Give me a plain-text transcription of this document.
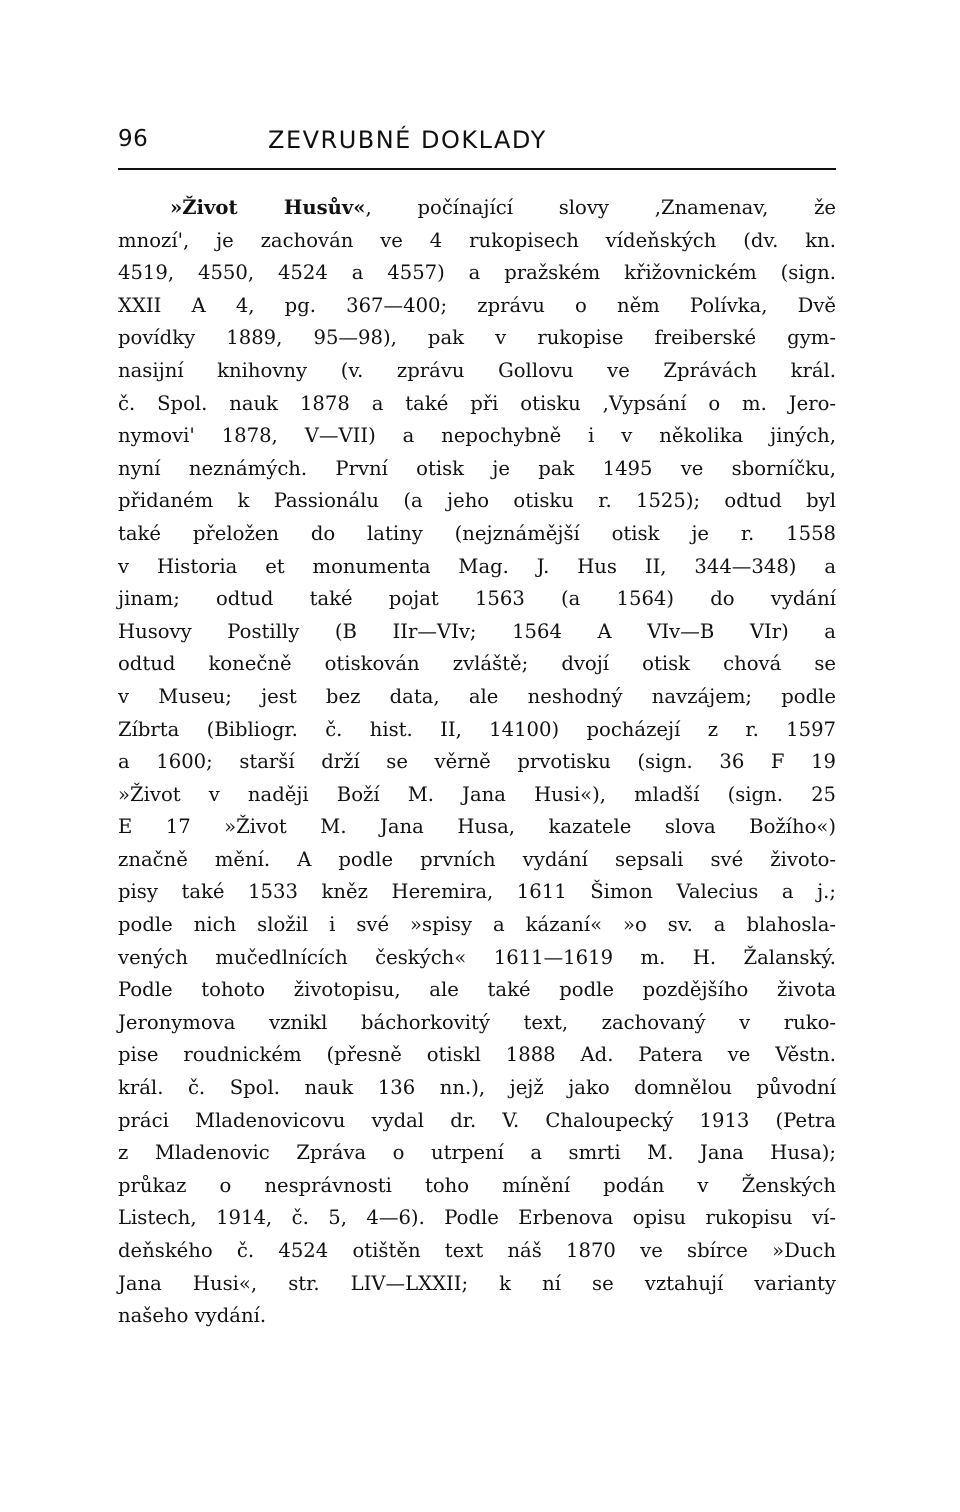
96	ZEVRUBNÉ DOKLADY
»Život Husův«, počínající slovy ,Znamenav, že
mnozí', je zachován ve 4 rukopisech vídeňských (dv. kn.
4519, 4550, 4524 a 4557) a pražském křižovnickém (sign.
XXII A 4, pg. 367—400; zprávu o něm Polívka, Dvě
povídky 1889, 95—98), pak v rukopise freiberské gym-
nasijní knihovny (v. zprávu Gollovu ve Zprávách král.
č. Spol. nauk 1878 a také při otisku ,Vypsání o m. Jero-
nymovi' 1878, V—VII) a nepochybně i v několika jiných,
nyní neznámých. První otisk je pak 1495 ve sborníčku,
přidaném k Passionálu (a jeho otisku r. 1525); odtud byl
také přeložen do latiny (nejznámější otisk je r. 1558
v Historia et monumenta Mag. J. Hus II, 344—348) a
jinam; odtud také pojat 1563 (a 1564) do vydání
Husovy Postilly (B IIr—VIv; 1564 A VIv—B VIr) a
odtud konečně otiskován zvláště; dvojí otisk chová se
v Museu; jest bez data, ale neshodný navzájem; podle
Zíbrta (Bibliogr. č. hist. II, 14100) pocházejí z r. 1597
a 1600; starší drží se věrně prvotisku (sign. 36 F 19
»Život v naději Boží M. Jana Husi«), mladší (sign. 25
E 17 »Život M. Jana Husa, kazatele slova Božího«)
značně mění. A podle prvních vydání sepsali své životo-
pisy také 1533 kněz Heremira, 1611 Šimon Valecius a j.;
podle nich složil i své »spisy a kázaní« »o sv. a blahosla-
vených mučedlnících českých« 1611—1619 m. H. Žalanský.
Podle tohoto životopisu, ale také podle pozdějšího života
Jeronymova vznikl báchorkovitý text, zachovaný v ruko-
pise roudnickém (přesně otiskl 1888 Ad. Patera ve Věstn.
král. č. Spol. nauk 136 nn.), jejž jako domnělou původní
práci Mladenovicovu vydal dr. V. Chaloupecký 1913 (Petra
z Mladenovic Zpráva o utrpení a smrti M. Jana Husa);
průkaz o nesprávnosti toho mínění podán v Ženských
Listech, 1914, č. 5, 4—6). Podle Erbenova opisu rukopisu ví-
deňského č. 4524 otištěn text náš 1870 ve sbírce »Duch
Jana Husi«, str. LIV—LXXII; k ní se vztahují varianty
našeho vydání.
